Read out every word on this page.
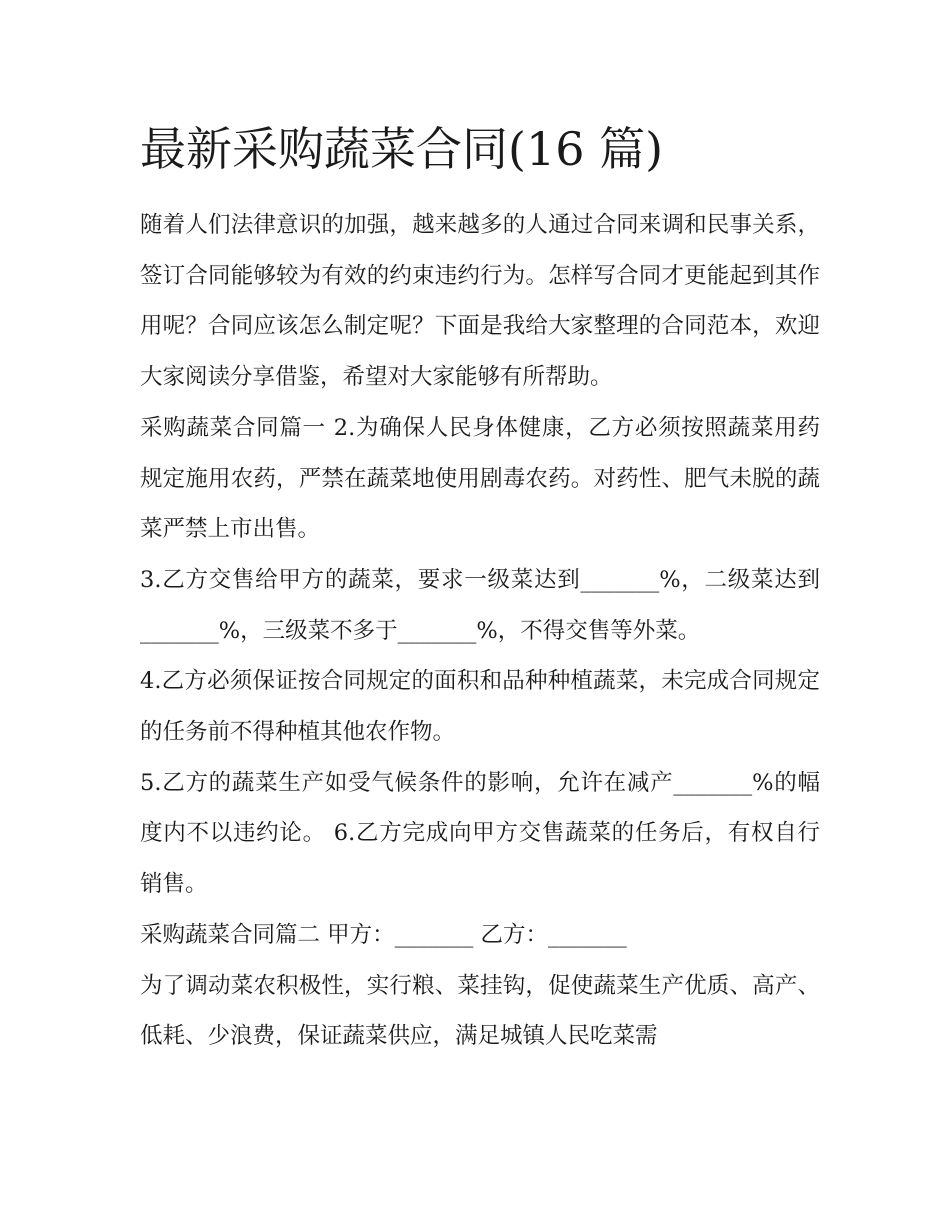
最新采购蔬菜合同(16 篇)

随着人们法律意识的加强，越来越多的人通过合同来调和民事关系，签订合同能够较为有效的约束违约行为。怎样写合同才更能起到其作用呢？合同应该怎么制定呢？下面是我给大家整理的合同范本，欢迎大家阅读分享借鉴，希望对大家能够有所帮助。

采购蔬菜合同篇一 2.为确保人民身体健康，乙方必须按照蔬菜用药规定施用农药，严禁在蔬菜地使用剧毒农药。对药性、肥气未脱的蔬菜严禁上市出售。

3.乙方交售给甲方的蔬菜，要求一级菜达到_______%，二级菜达到_______%，三级菜不多于_______%，不得交售等外菜。

4.乙方必须保证按合同规定的面积和品种种植蔬菜，未完成合同规定的任务前不得种植其他农作物。

5.乙方的蔬菜生产如受气候条件的影响，允许在减产_______%的幅度内不以违约论。 6.乙方完成向甲方交售蔬菜的任务后，有权自行销售。

采购蔬菜合同篇二 甲方：_______ 乙方：_______

为了调动菜农积极性，实行粮、菜挂钩，促使蔬菜生产优质、高产、低耗、少浪费，保证蔬菜供应，满足城镇人民吃菜需
